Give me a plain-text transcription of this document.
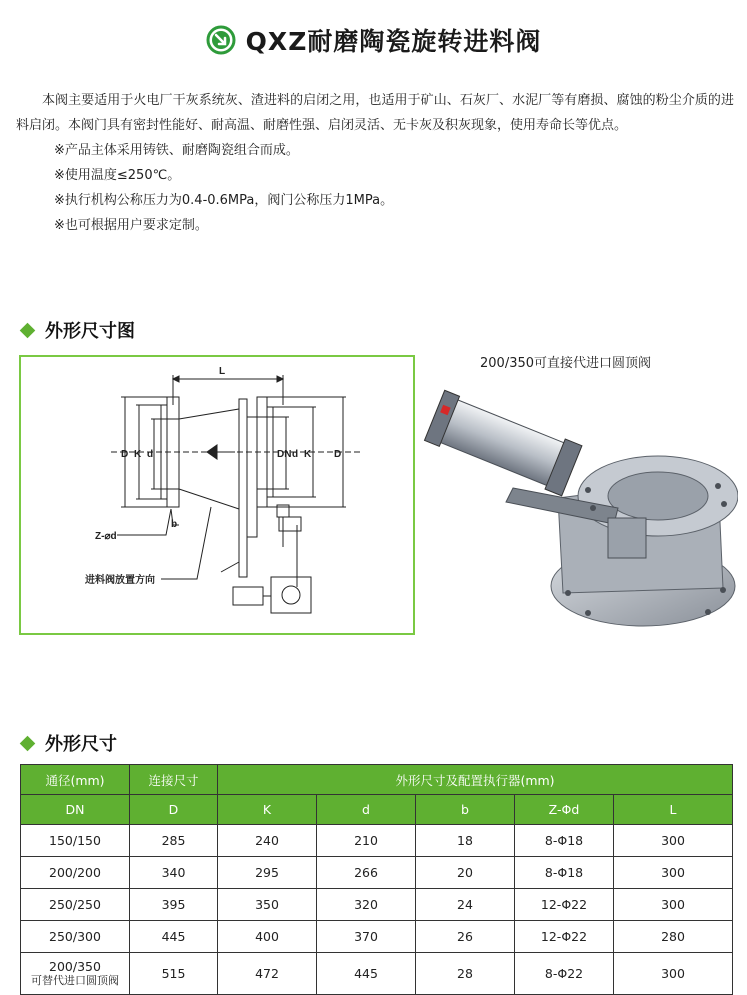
QXZ耐磨陶瓷旋转进料阀
本阀主要适用于火电厂干灰系统灰、渣进料的启闭之用，也适用于矿山、石灰厂、水泥厂等有磨损、腐蚀的粉尘介质的进料启闭。本阀门具有密封性能好、耐高温、耐磨性强、启闭灵活、无卡灰及积灰现象，使用寿命长等优点。
※产品主体采用铸铁、耐磨陶瓷组合而成。
※使用温度≤250℃。
※执行机构公称压力为0.4-0.6MPa，阀门公称压力1MPa。
※也可根据用户要求定制。
外形尺寸图
L
D K d	DN K D
d
b
Z-⌀d
进料阀放置方向
200/350可直接代进口圆顶阀
外形尺寸
通径(mm)	连接尺寸	外形尺寸及配置执行器(mm)				
DN	D	K	d	b	Z-Φd	L
150/150	285	240	210	18	8-Φ18	300
200/200	340	295	266	20	8-Φ18	300
250/250	395	350	320	24	12-Φ22	300
250/300	445	400	370	26	12-Φ22	280

200/350
可替代进口圆顶阀	515	472	445	28	8-Φ22	300
